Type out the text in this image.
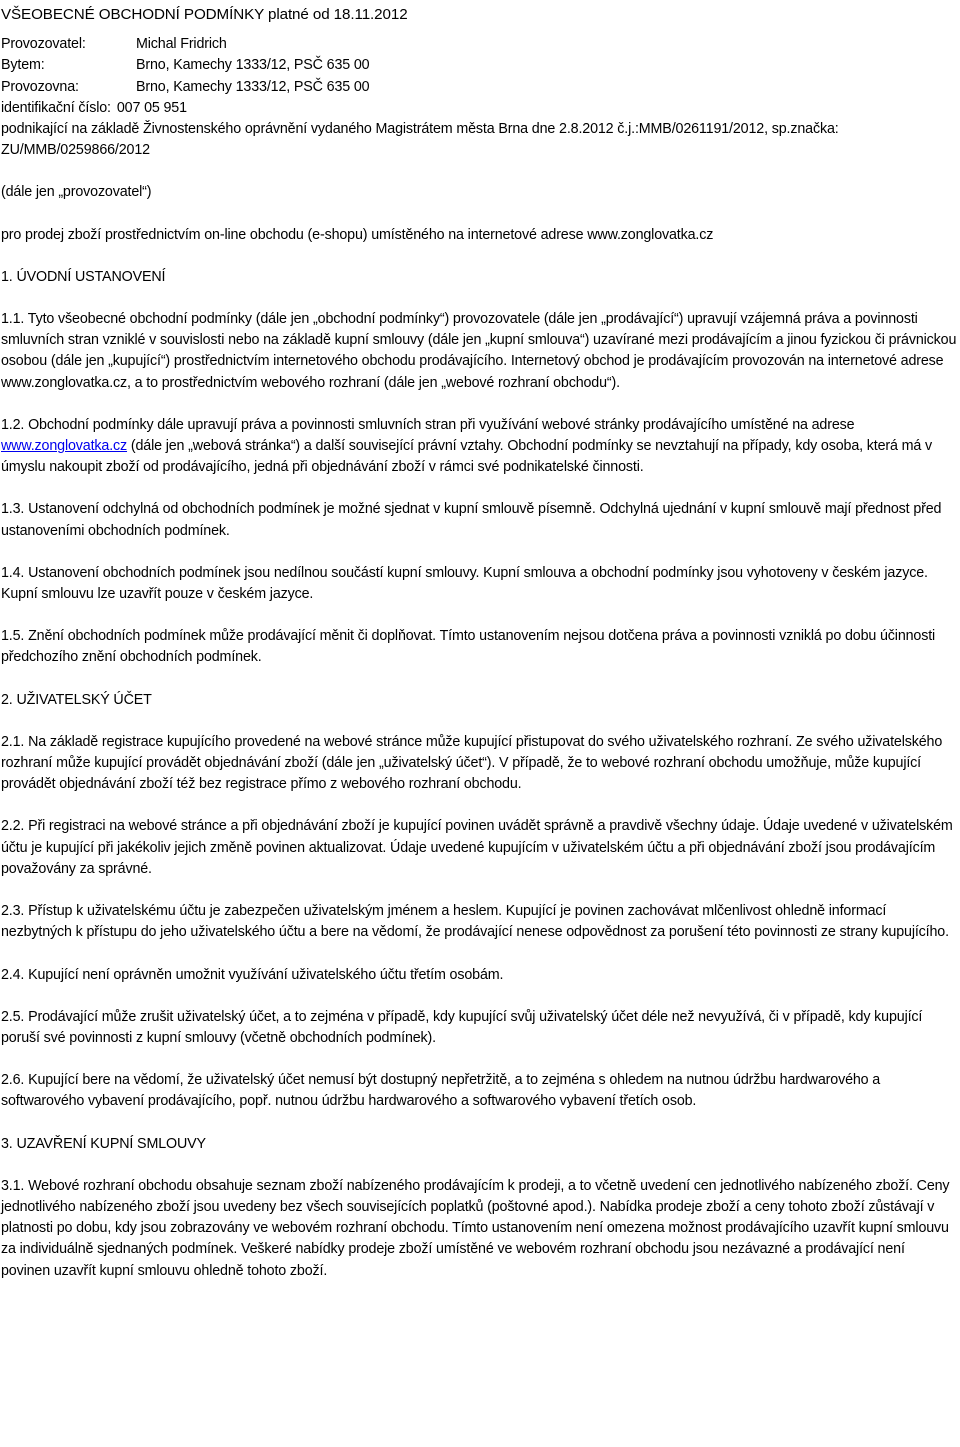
VŠEOBECNÉ OBCHODNÍ PODMÍNKY platné od 18.11.2012
Provozovatel:	Michal Fridrich
Bytem:	Brno, Kamechy 1333/12, PSČ 635 00
Provozovna:	Brno, Kamechy 1333/12, PSČ 635 00
identifikační číslo: 007 05 951
podnikající na základě Živnostenského oprávnění vydaného Magistrátem města Brna dne 2.8.2012 č.j.:MMB/0261191/2012, sp.značka:
ZU/MMB/0259866/2012
(dále jen „provozovatel“)
pro prodej zboží prostřednictvím on-line obchodu (e-shopu) umístěného na internetové adrese www.zonglovatka.cz
1. ÚVODNÍ USTANOVENÍ
1.1. Tyto všeobecné obchodní podmínky (dále jen „obchodní podmínky“) provozovatele (dále jen „prodávající“) upravují vzájemná práva a povinnosti smluvních stran vzniklé v souvislosti nebo na základě kupní smlouvy (dále jen „kupní smlouva“) uzavírané mezi prodávajícím a jinou fyzickou či právnickou osobou (dále jen „kupující“) prostřednictvím internetového obchodu prodávajícího. Internetový obchod je prodávajícím provozován na internetové adrese www.zonglovatka.cz, a to prostřednictvím webového rozhraní (dále jen „webové rozhraní obchodu“).
1.2. Obchodní podmínky dále upravují práva a povinnosti smluvních stran při využívání webové stránky prodávajícího umístěné na adrese www.zonglovatka.cz (dále jen „webová stránka“) a další související právní vztahy. Obchodní podmínky se nevztahují na případy, kdy osoba, která má v úmyslu nakoupit zboží od prodávajícího, jedná při objednávání zboží v rámci své podnikatelské činnosti.
1.3. Ustanovení odchylná od obchodních podmínek je možné sjednat v kupní smlouvě písemně. Odchylná ujednání v kupní smlouvě mají přednost před ustanoveními obchodních podmínek.
1.4. Ustanovení obchodních podmínek jsou nedílnou součástí kupní smlouvy. Kupní smlouva a obchodní podmínky jsou vyhotoveny v českém jazyce. Kupní smlouvu lze uzavřít pouze v českém jazyce.
1.5. Znění obchodních podmínek může prodávající měnit či doplňovat. Tímto ustanovením nejsou dotčena práva a povinnosti vzniklá po dobu účinnosti předchozího znění obchodních podmínek.
2. UŽIVATELSKÝ ÚČET
2.1. Na základě registrace kupujícího provedené na webové stránce může kupující přistupovat do svého uživatelského rozhraní. Ze svého uživatelského rozhraní může kupující provádět objednávání zboží (dále jen „uživatelský účet“). V případě, že to webové rozhraní obchodu umožňuje, může kupující provádět objednávání zboží též bez registrace přímo z webového rozhraní obchodu.
2.2. Při registraci na webové stránce a při objednávání zboží je kupující povinen uvádět správně a pravdivě všechny údaje. Údaje uvedené v uživatelském účtu je kupující při jakékoliv jejich změně povinen aktualizovat. Údaje uvedené kupujícím v uživatelském účtu a při objednávání zboží jsou prodávajícím považovány za správné.
2.3. Přístup k uživatelskému účtu je zabezpečen uživatelským jménem a heslem. Kupující je povinen zachovávat mlčenlivost ohledně informací nezbytných k přístupu do jeho uživatelského účtu a bere na vědomí, že prodávající nenese odpovědnost za porušení této povinnosti ze strany kupujícího.
2.4. Kupující není oprávněn umožnit využívání uživatelského účtu třetím osobám.
2.5. Prodávající může zrušit uživatelský účet, a to zejména v případě, kdy kupující svůj uživatelský účet déle než nevyužívá, či v případě, kdy kupující poruší své povinnosti z kupní smlouvy (včetně obchodních podmínek).
2.6. Kupující bere na vědomí, že uživatelský účet nemusí být dostupný nepřetržitě, a to zejména s ohledem na nutnou údržbu hardwarového a softwarového vybavení prodávajícího, popř. nutnou údržbu hardwarového a softwarového vybavení třetích osob.
3. UZAVŘENÍ KUPNÍ SMLOUVY
3.1. Webové rozhraní obchodu obsahuje seznam zboží nabízeného prodávajícím k prodeji, a to včetně uvedení cen jednotlivého nabízeného zboží. Ceny jednotlivého nabízeného zboží jsou uvedeny bez všech souvisejících poplatků (poštovné apod.). Nabídka prodeje zboží a ceny tohoto zboží zůstávají v platnosti po dobu, kdy jsou zobrazovány ve webovém rozhraní obchodu. Tímto ustanovením není omezena možnost prodávajícího uzavřít kupní smlouvu za individuálně sjednaných podmínek. Veškeré nabídky prodeje zboží umístěné ve webovém rozhraní obchodu jsou nezávazné a prodávající není povinen uzavřít kupní smlouvu ohledně tohoto zboží.
